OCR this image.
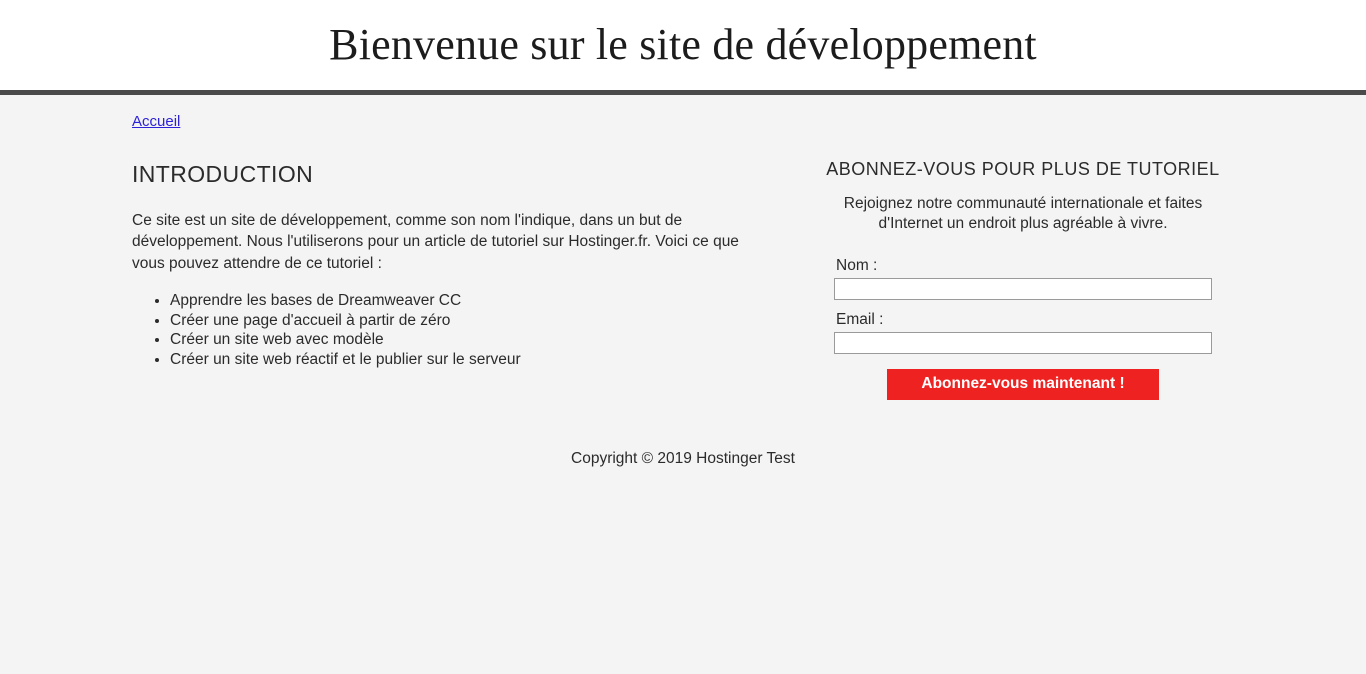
Bienvenue sur le site de développement
Accueil
INTRODUCTION

Ce site est un site de développement, comme son nom l'indique, dans un but de développement. Nous l'utiliserons pour un article de tutoriel sur Hostinger.fr. Voici ce que vous pouvez attendre de ce tutoriel :

• Apprendre les bases de Dreamweaver CC
• Créer une page d'accueil à partir de zéro
• Créer un site web avec modèle
• Créer un site web réactif et le publier sur le serveur
ABONNEZ-VOUS POUR PLUS DE TUTORIEL

Rejoignez notre communauté internationale et faites d'Internet un endroit plus agréable à vivre.

Nom :
Email :
Abonnez-vous maintenant !
Copyright © 2019 Hostinger Test
